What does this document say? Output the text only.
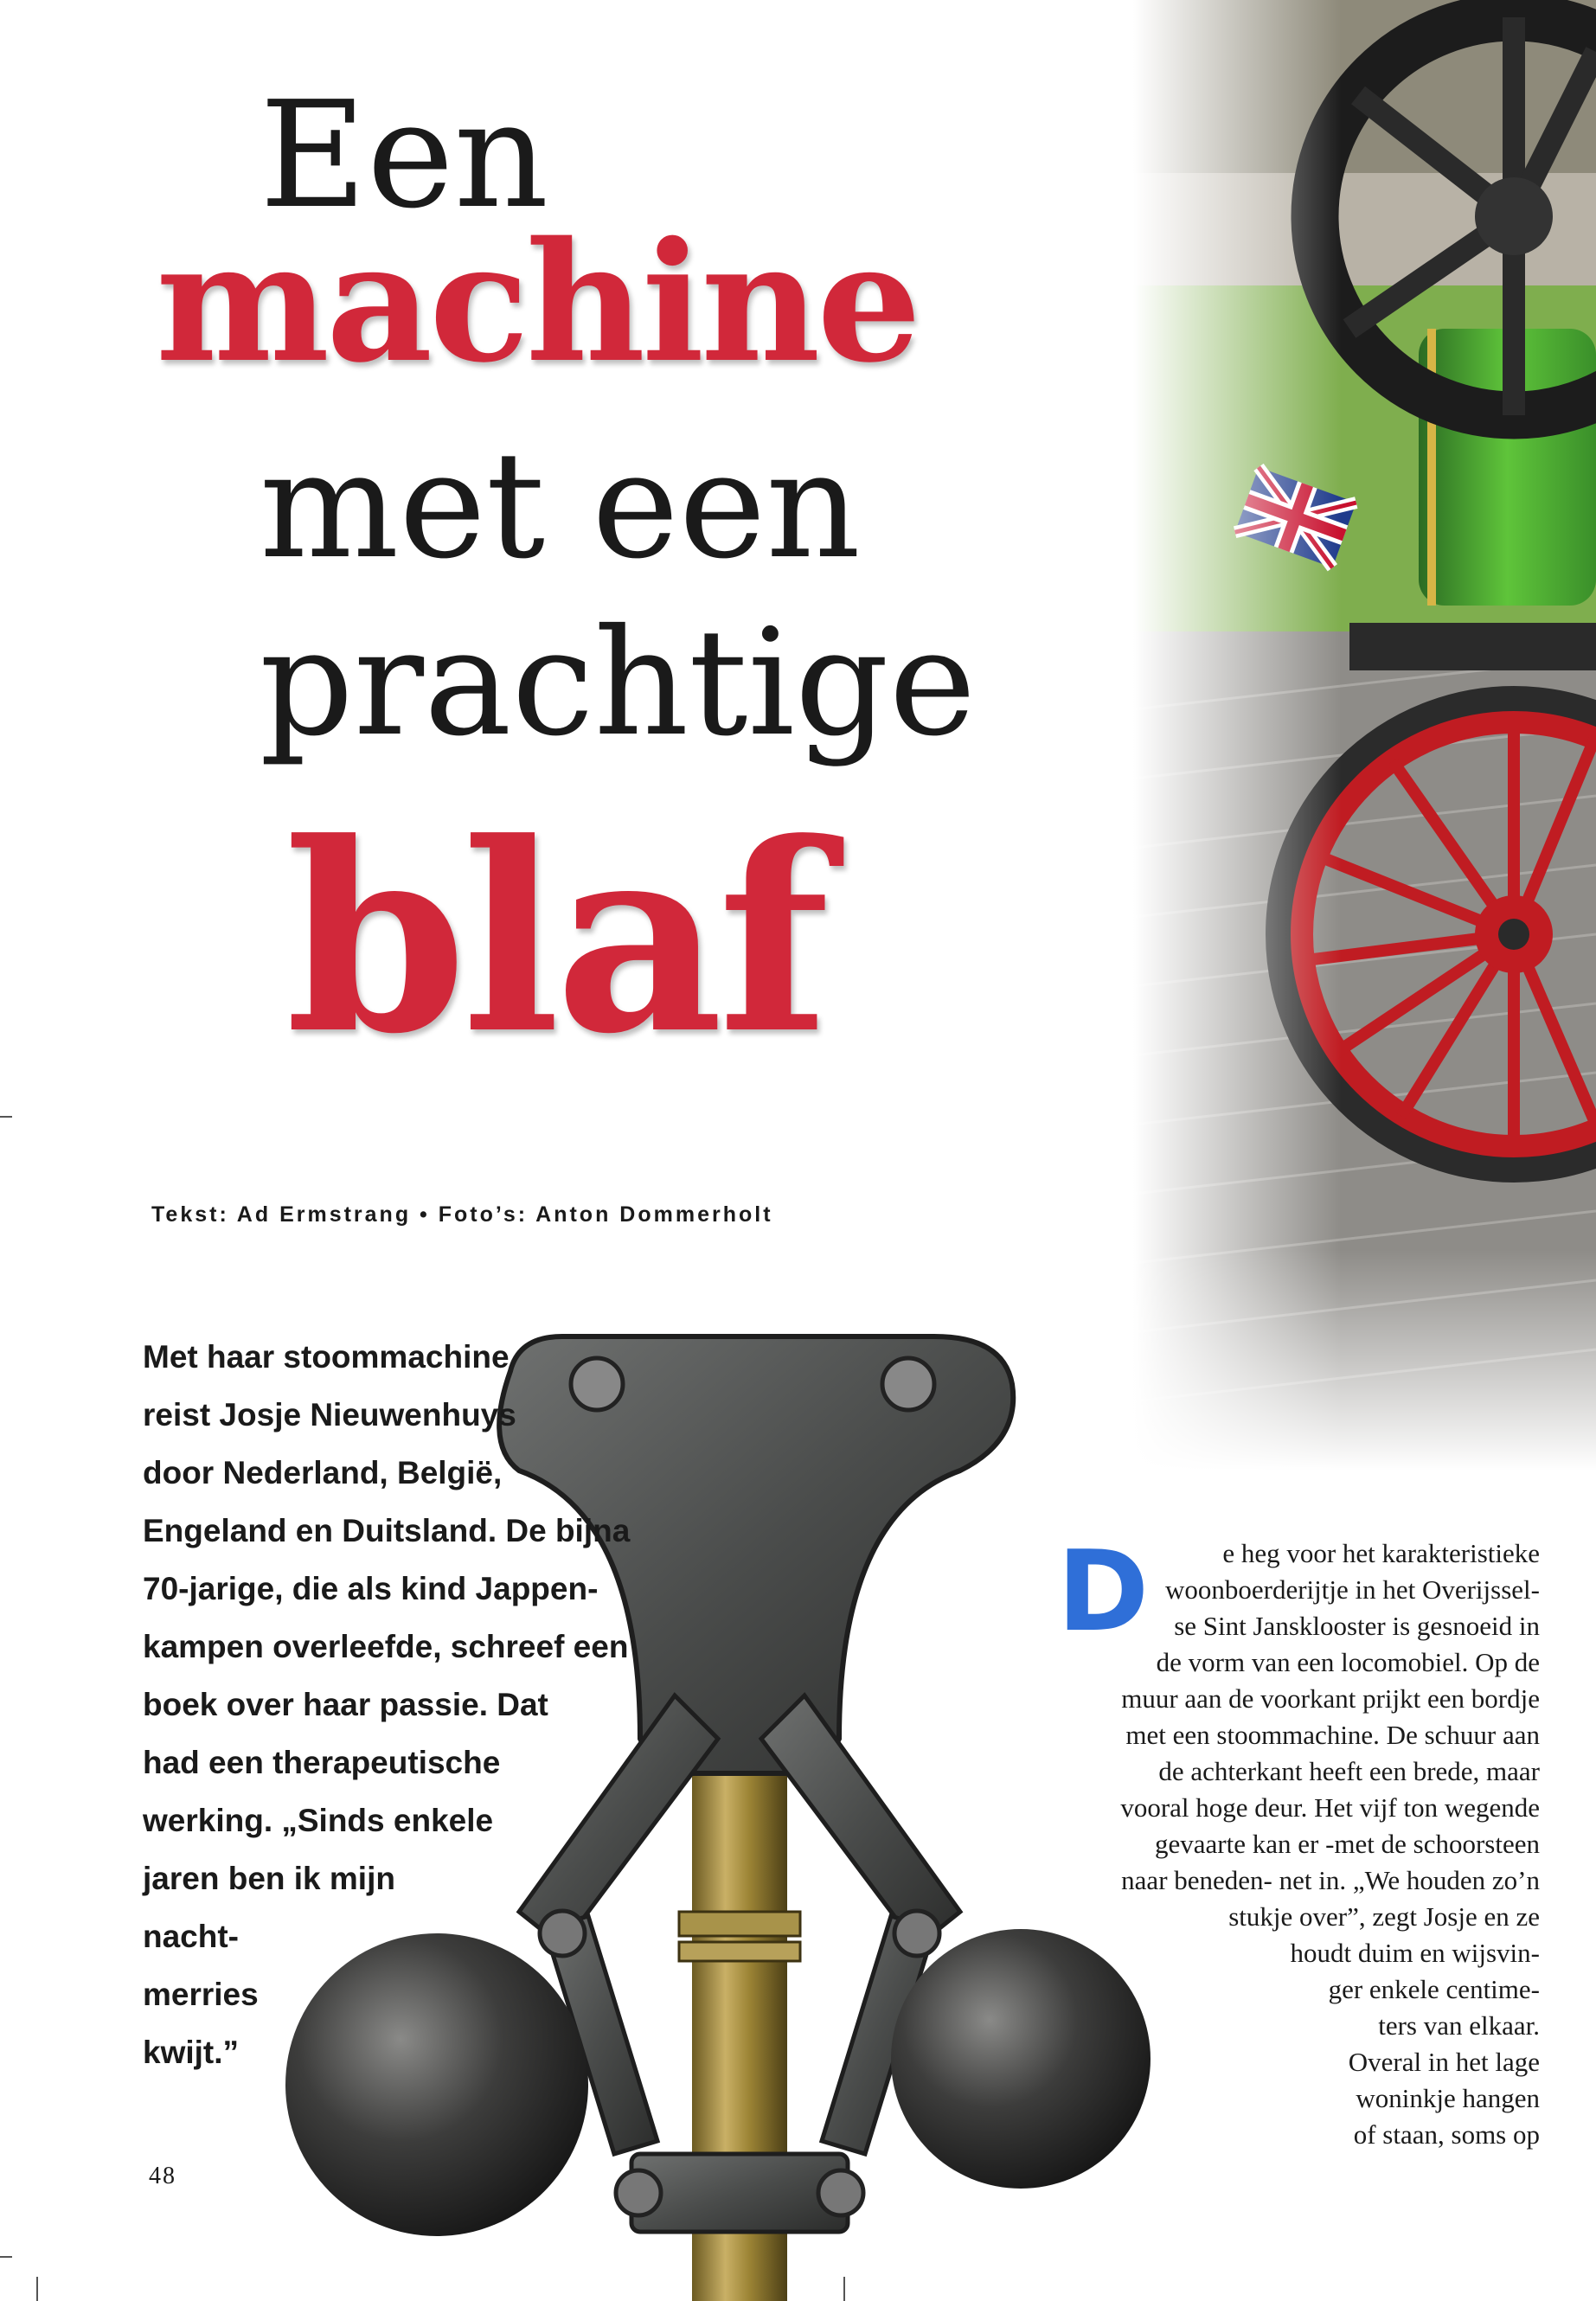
Een
machine
met een
prachtige
blaf
Tekst: Ad Ermstrang • Foto’s: Anton Dommerholt
Met haar stoommachine
reist Josje Nieuwenhuys
door Nederland, België,
Engeland en Duitsland. De bijna
70-jarige, die als kind Jappen-
kampen overleefde, schreef een
boek over haar passie. Dat
had een therapeutische
werking. „Sinds enkele
jaren ben ik mijn
nacht-
merries
kwijt.”
D	e heg voor het karakteristieke
woonboerderijtje in het Overijssel-
se Sint Jansklooster is gesnoeid in
de vorm van een locomobiel. Op de
muur aan de voorkant prijkt een bordje
met een stoommachine. De schuur aan
de achterkant heeft een brede, maar
vooral hoge deur. Het vijf ton wegende
gevaarte kan er -met de schoorsteen
naar beneden- net in. „We houden zo’n
stukje over”, zegt Josje en ze
houdt duim en wijsvin-
ger enkele centime-
ters van elkaar.
Overal in het lage
woninkje hangen
of staan, soms op
48
